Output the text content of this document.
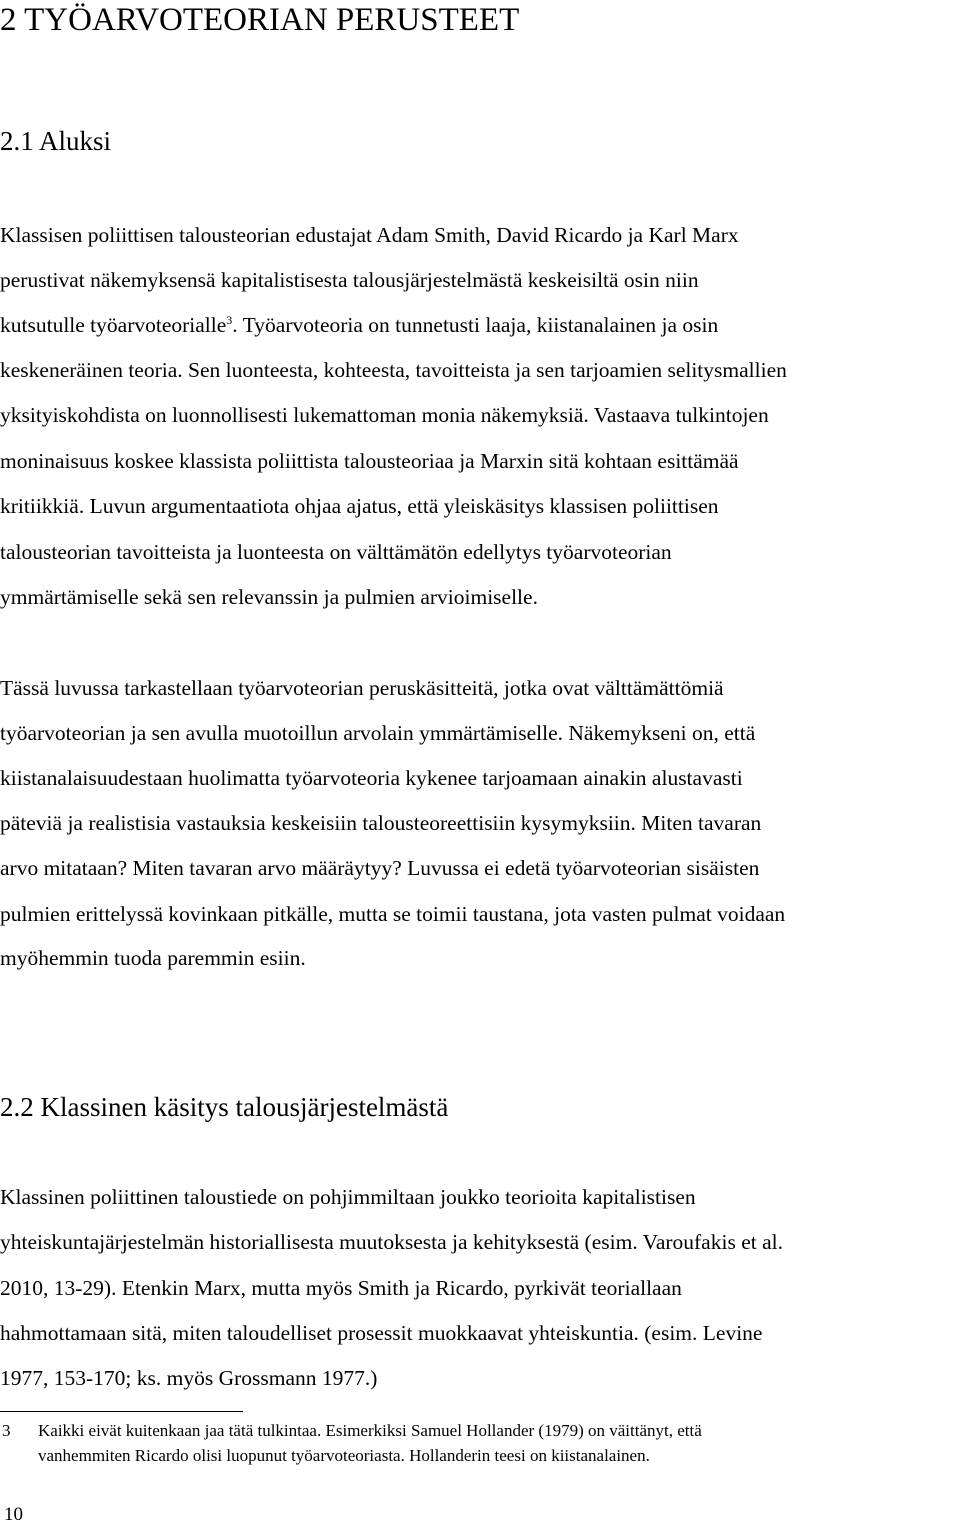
2 TYÖARVOTEORIAN PERUSTEET
2.1 Aluksi
Klassisen poliittisen talousteorian edustajat Adam Smith, David Ricardo ja Karl Marx
perustivat näkemyksensä kapitalistisesta talousjärjestelmästä keskeisiltä osin niin
kutsutulle työarvoteorialle$^3$. Työarvoteoria on tunnetusti laaja, kiistanalainen ja osin
keskeneräinen teoria. Sen luonteesta, kohteesta, tavoitteista ja sen tarjoamien selitysmallien
yksityiskohdista on luonnollisesti lukemattoman monia näkemyksiä. Vastaava tulkintojen
moninaisuus koskee klassista poliittista talousteoriaa ja Marxin sitä kohtaan esittämää
kritiikkiä. Luvun argumentaatiota ohjaa ajatus, että yleiskäsitys klassisen poliittisen
talousteorian tavoitteista ja luonteesta on välttämätön edellytys työarvoteorian
ymmärtämiselle sekä sen relevanssin ja pulmien arvioimiselle.
Tässä luvussa tarkastellaan työarvoteorian peruskäsitteitä, jotka ovat välttämättömiä
työarvoteorian ja sen avulla muotoillun arvolain ymmärtämiselle. Näkemykseni on, että
kiistanalaisuudestaan huolimatta työarvoteoria kykenee tarjoamaan ainakin alustavasti
päteviä ja realistisia vastauksia keskeisiin talousteoreettisiin kysymyksiin. Miten tavaran
arvo mitataan? Miten tavaran arvo määräytyy? Luvussa ei edetä työarvoteorian sisäisten
pulmien erittelyssä kovinkaan pitkälle, mutta se toimii taustana, jota vasten pulmat voidaan
myöhemmin tuoda paremmin esiin.
2.2 Klassinen käsitys talousjärjestelmästä
Klassinen poliittinen taloustiede on pohjimmiltaan joukko teorioita kapitalistisen
yhteiskuntajärjestelmän historiallisesta muutoksesta ja kehityksestä (esim. Varoufakis et al.
2010, 13-29). Etenkin Marx, mutta myös Smith ja Ricardo, pyrkivät teoriallaan
hahmottamaan sitä, miten taloudelliset prosessit muokkaavat yhteiskuntia. (esim. Levine
1977, 153-170; ks. myös Grossmann 1977.)
3 Kaikki eivät kuitenkaan jaa tätä tulkintaa. Esimerkiksi Samuel Hollander (1979) on väittänyt, että
vanhemmiten Ricardo olisi luopunut työarvoteoriasta. Hollanderin teesi on kiistanalainen.
10
